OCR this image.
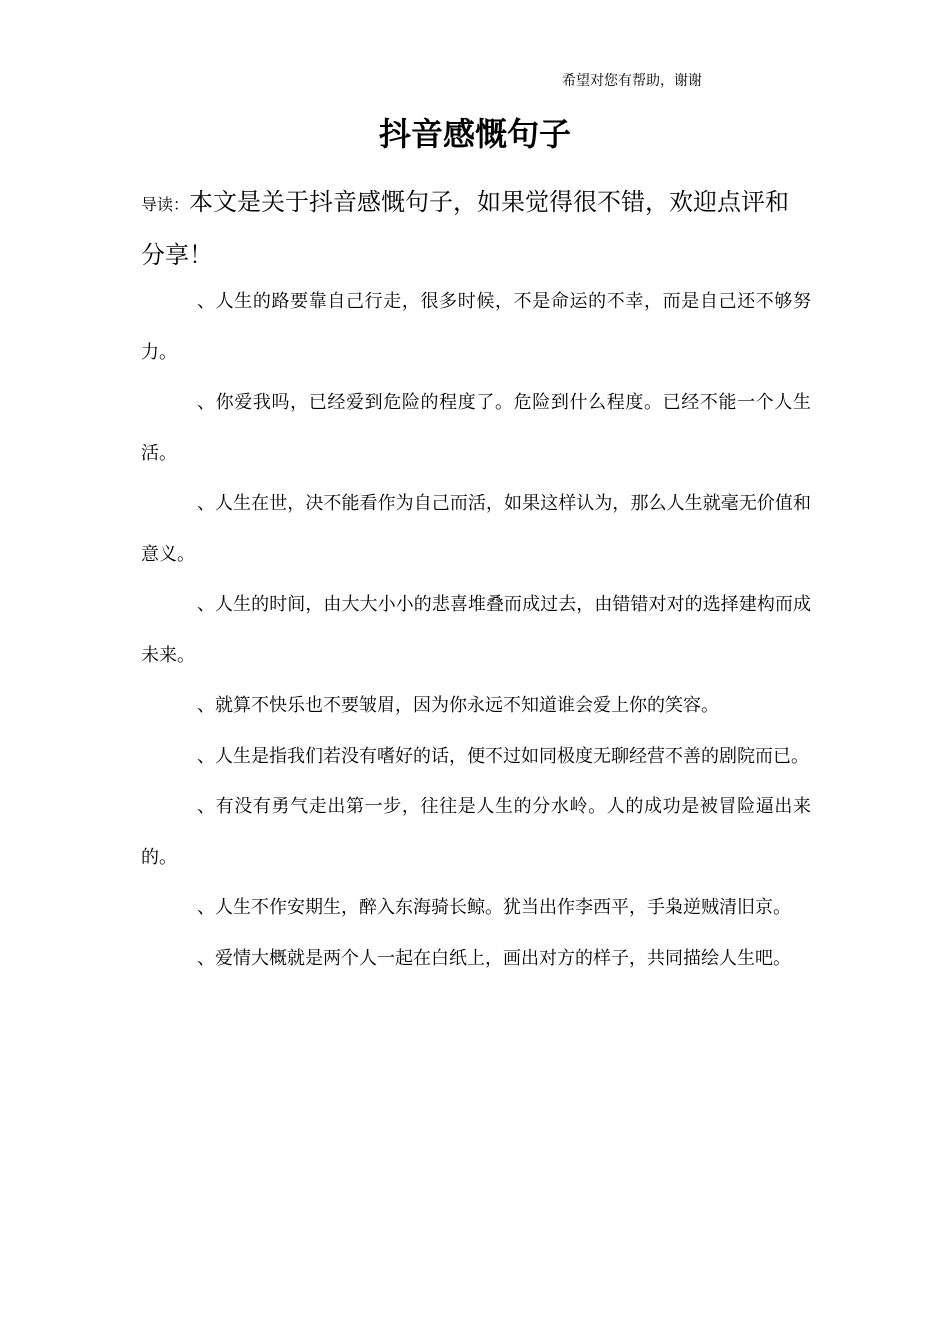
希望对您有帮助，谢谢
抖音感慨句子

导读：本文是关于抖音感慨句子，如果觉得很不错，欢迎点评和分享！

、人生的路要靠自己行走，很多时候，不是命运的不幸，而是自己还不够努力。

、你爱我吗，已经爱到危险的程度了。危险到什么程度。已经不能一个人生活。

、人生在世，决不能看作为自己而活，如果这样认为，那么人生就毫无价值和意义。

、人生的时间，由大大小小的悲喜堆叠而成过去，由错错对对的选择建构而成未来。

、就算不快乐也不要皱眉，因为你永远不知道谁会爱上你的笑容。

、人生是指我们若没有嗜好的话，便不过如同极度无聊经营不善的剧院而已。

、有没有勇气走出第一步，往往是人生的分水岭。人的成功是被冒险逼出来的。

、人生不作安期生，醉入东海骑长鲸。犹当出作李西平，手枭逆贼清旧京。

、爱情大概就是两个人一起在白纸上，画出对方的样子，共同描绘人生吧。
